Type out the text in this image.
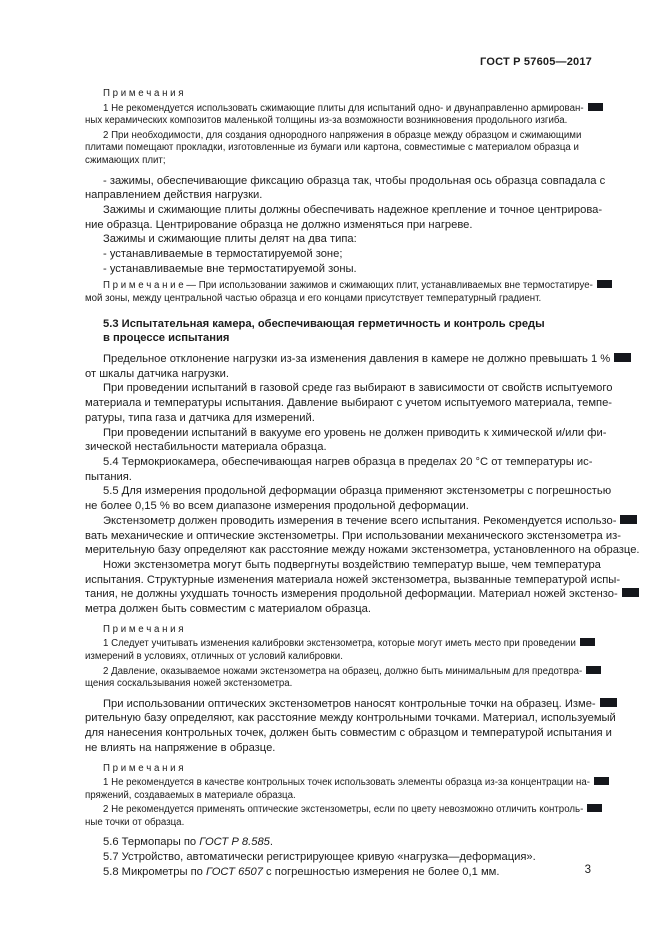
ГОСТ Р 57605—2017
П р и м е ч а н и я
1 Не рекомендуется использовать сжимающие плиты для испытаний одно- и двунаправленно армирован-
ных керамических композитов маленькой толщины из-за возможности возникновения продольного изгиба.
2 При необходимости, для создания однородного напряжения в образце между образцом и сжимающими
плитами помещают прокладки, изготовленные из бумаги или картона, совместимые с материалом образца и
сжимающих плит;
- зажимы, обеспечивающие фиксацию образца так, чтобы продольная ось образца совпадала с
направлением действия нагрузки.
Зажимы и сжимающие плиты должны обеспечивать надежное крепление и точное центрирова-
ние образца. Центрирование образца не должно изменяться при нагреве.
Зажимы и сжимающие плиты делят на два типа:
- устанавливаемые в термостатируемой зоне;
- устанавливаемые вне термостатируемой зоны.
П р и м е ч а н и е — При использовании зажимов и сжимающих плит, устанавливаемых вне термостатируе-
мой зоны, между центральной частью образца и его концами присутствует температурный градиент.
5.3 Испытательная камера, обеспечивающая герметичность и контроль среды
в процессе испытания
Предельное отклонение нагрузки из-за изменения давления в камере не должно превышать 1 %
от шкалы датчика нагрузки.
При проведении испытаний в газовой среде газ выбирают в зависимости от свойств испытуемого
материала и температуры испытания. Давление выбирают с учетом испытуемого материала, темпе-
ратуры, типа газа и датчика для измерений.
При проведении испытаний в вакууме его уровень не должен приводить к химической и/или фи-
зической нестабильности материала образца.
5.4 Термокриокамера, обеспечивающая нагрев образца в пределах 20 °С от температуры ис-
пытания.
5.5 Для измерения продольной деформации образца применяют экстензометры с погрешностью
не более 0,15 % во всем диапазоне измерения продольной деформации.
Экстензометр должен проводить измерения в течение всего испытания. Рекомендуется использо-
вать механические и оптические экстензометры. При использовании механического экстензометра из-
мерительную базу определяют как расстояние между ножами экстензометра, установленного на образце.
Ножи экстензометра могут быть подвергнуты воздействию температур выше, чем температура
испытания. Структурные изменения материала ножей экстензометра, вызванные температурой испы-
тания, не должны ухудшать точность измерения продольной деформации. Материал ножей экстензо-
метра должен быть совместим с материалом образца.
П р и м е ч а н и я
1 Следует учитывать изменения калибровки экстензометра, которые могут иметь место при проведении
измерений в условиях, отличных от условий калибровки.
2 Давление, оказываемое ножами экстензометра на образец, должно быть минимальным для предотвра-
щения соскальзывания ножей экстензометра.
При использовании оптических экстензометров наносят контрольные точки на образец. Изме-
рительную базу определяют, как расстояние между контрольными точками. Материал, используемый
для нанесения контрольных точек, должен быть совместим с образцом и температурой испытания и
не влиять на напряжение в образце.
П р и м е ч а н и я
1 Не рекомендуется в качестве контрольных точек использовать элементы образца из-за концентрации на-
пряжений, создаваемых в материале образца.
2 Не рекомендуется применять оптические экстензометры, если по цвету невозможно отличить контроль-
ные точки от образца.
5.6 Термопары по ГОСТ Р 8.585.
5.7 Устройство, автоматически регистрирующее кривую «нагрузка—деформация».
5.8 Микрометры по ГОСТ 6507 с погрешностью измерения не более 0,1 мм.	3
